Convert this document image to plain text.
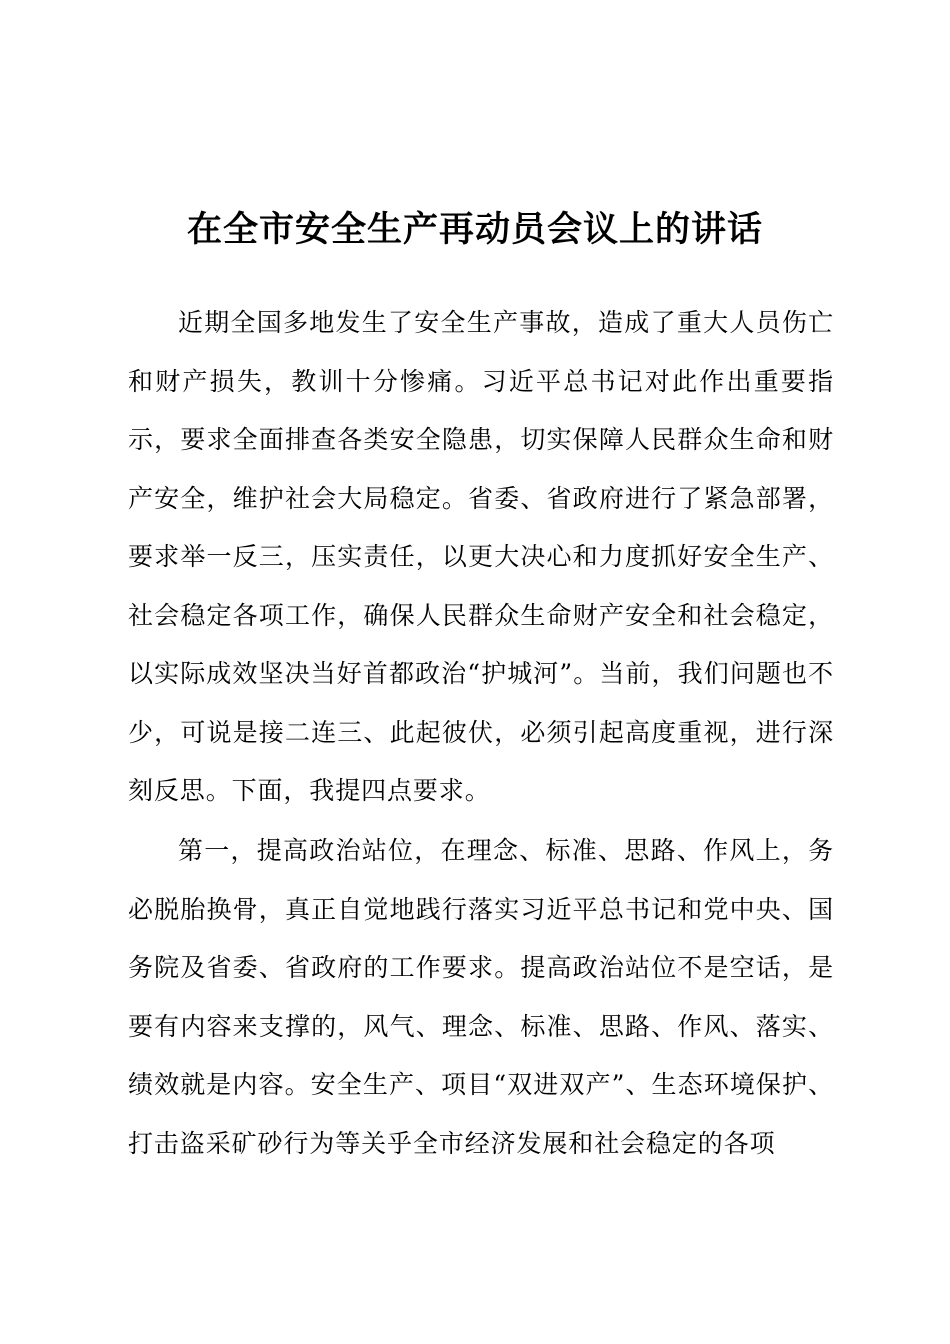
在全市安全生产再动员会议上的讲话

近期全国多地发生了安全生产事故，造成了重大人员伤亡和财产损失，教训十分惨痛。习近平总书记对此作出重要指示，要求全面排查各类安全隐患，切实保障人民群众生命和财产安全，维护社会大局稳定。省委、省政府进行了紧急部署，要求举一反三，压实责任，以更大决心和力度抓好安全生产、社会稳定各项工作，确保人民群众生命财产安全和社会稳定，以实际成效坚决当好首都政治“护城河”。当前，我们问题也不少，可说是接二连三、此起彼伏，必须引起高度重视，进行深刻反思。下面，我提四点要求。

第一，提高政治站位，在理念、标准、思路、作风上，务必脱胎换骨，真正自觉地践行落实习近平总书记和党中央、国务院及省委、省政府的工作要求。提高政治站位不是空话，是要有内容来支撑的，风气、理念、标准、思路、作风、落实、绩效就是内容。安全生产、项目“双进双产”、生态环境保护、打击盗采矿砂行为等关乎全市经济发展和社会稳定的各项
